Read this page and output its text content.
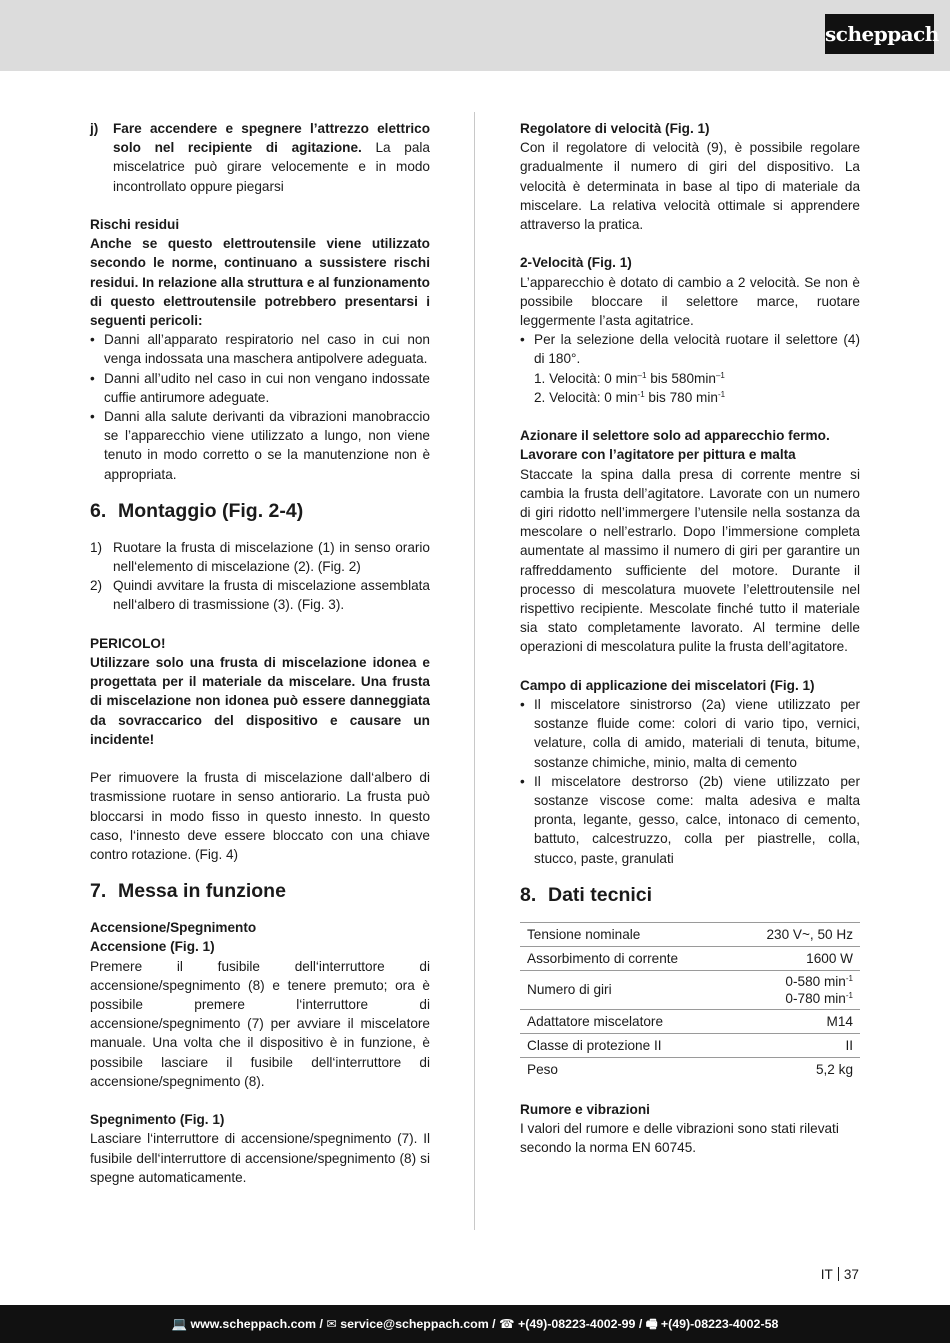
scheppach
j) Fare accendere e spegnere l’attrezzo elettrico solo nel recipiente di agitazione. La pala miscelatrice può girare velocemente e in modo incontrollato oppure piegarsi

Rischi residui

Anche se questo elettroutensile viene utilizzato secondo le norme, continuano a sussistere rischi residui. In relazione alla struttura e al funzionamento di questo elettroutensile potrebbero presentarsi i seguenti pericoli:

• Danni all’apparato respiratorio nel caso in cui non venga indossata una maschera antipolvere adeguata.
• Danni all’udito nel caso in cui non vengano indossate cuffie antirumore adeguate.
• Danni alla salute derivanti da vibrazioni manobraccio se l’apparecchio viene utilizzato a lungo, non viene tenuto in modo corretto o se la manutenzione non è appropriata.
6. Montaggio (Fig. 2-4)
1) Ruotare la frusta di miscelazione (1) in senso orario nell‘elemento di miscelazione (2). (Fig. 2)
2) Quindi avvitare la frusta di miscelazione assemblata nell‘albero di trasmissione (3). (Fig. 3).

PERICOLO!

Utilizzare solo una frusta di miscelazione idonea e progettata per il materiale da miscelare. Una frusta di miscelazione non idonea può essere danneggiata da sovraccarico del dispositivo e causare un incidente!

Per rimuovere la frusta di miscelazione dall‘albero di trasmissione ruotare in senso antiorario. La frusta può bloccarsi in modo fisso in questo innesto. In questo caso, l‘innesto deve essere bloccato con una chiave contro rotazione. (Fig. 4)

7. Messa in funzione

Accensione/Spegnimento

Accensione (Fig. 1)

Premere il fusibile dell‘interruttore di accensione/spegnimento (8) e tenere premuto; ora è possibile premere l‘interruttore di accensione/spegnimento (7) per avviare il miscelatore manuale. Una volta che il dispositivo è in funzione, è possibile lasciare il fusibile dell‘interruttore di accensione/spegnimento (8).

Spegnimento (Fig. 1)

Lasciare l‘interruttore di accensione/spegnimento (7). Il fusibile dell‘interruttore di accensione/spegnimento (8) si spegne automaticamente.

Regolatore di velocità (Fig. 1)

Con il regolatore di velocità (9), è possibile regolare gradualmente il numero di giri del dispositivo. La velocità è determinata in base al tipo di materiale da miscelare. La relativa velocità ottimale si apprendere attraverso la pratica.

2-Velocità (Fig. 1)

L’apparecchio è dotato di cambio a 2 velocità. Se non è possibile bloccare il selettore marce, ruotare leggermente l’asta agitatrice.

• Per la selezione della velocità ruotare il selettore (4) di 180°.
1. Velocità: 0 $\min^{-1}$ bis $580\min^{-1}$
2. Velocità: 0 $\min^{-1}$ bis 780 $\min^{-1}$

Azionare il selettore solo ad apparecchio fermo.

Lavorare con l’agitatore per pittura e malta

Staccate la spina dalla presa di corrente mentre si cambia la frusta dell’agitatore. Lavorate con un numero di giri ridotto nell’immergere l’utensile nella sostanza da mescolare o nell’estrarlo. Dopo l’immersione completa aumentate al massimo il numero di giri per garantire un raffreddamento sufficiente del motore. Durante il processo di mescolatura muovete l’elettroutensile nel rispettivo recipiente. Mescolate finché tutto il materiale sia stato completamente lavorato. Al termine delle operazioni di mescolatura pulite la frusta dell’agitatore.

Campo di applicazione dei miscelatori (Fig. 1)

• Il miscelatore sinistrorso (2a) viene utilizzato per sostanze fluide come: colori di vario tipo, vernici, velature, colla di amido, materiali di tenuta, bitume, sostanze chimiche, minio, malta di cemento
• Il miscelatore destrorso (2b) viene utilizzato per sostanze viscose come: malta adesiva e malta pronta, legante, gesso, calce, intonaco di cemento, battuto, calcestruzzo, colla per piastrelle, colla, stucco, paste, granulati
8. Dati tecnici
Tensione nominale	230 V~, 50 Hz
Assorbimento di corrente	1600 W
Numero di giri	0-580 $\min^{-1}$
0-780 $\min^{-1}$

Adattatore miscelatore	M14
Classe di protezione II	II
Peso	5,2 kg

Rumore e vibrazioni

I valori del rumore e delle vibrazioni sono stati rilevati secondo la norma EN 60745.

IT 37
💻 www.scheppach.com / ✉ service@scheppach.com / ☎ +(49)-08223-4002-99 / 🖷 +(49)-08223-4002-58
